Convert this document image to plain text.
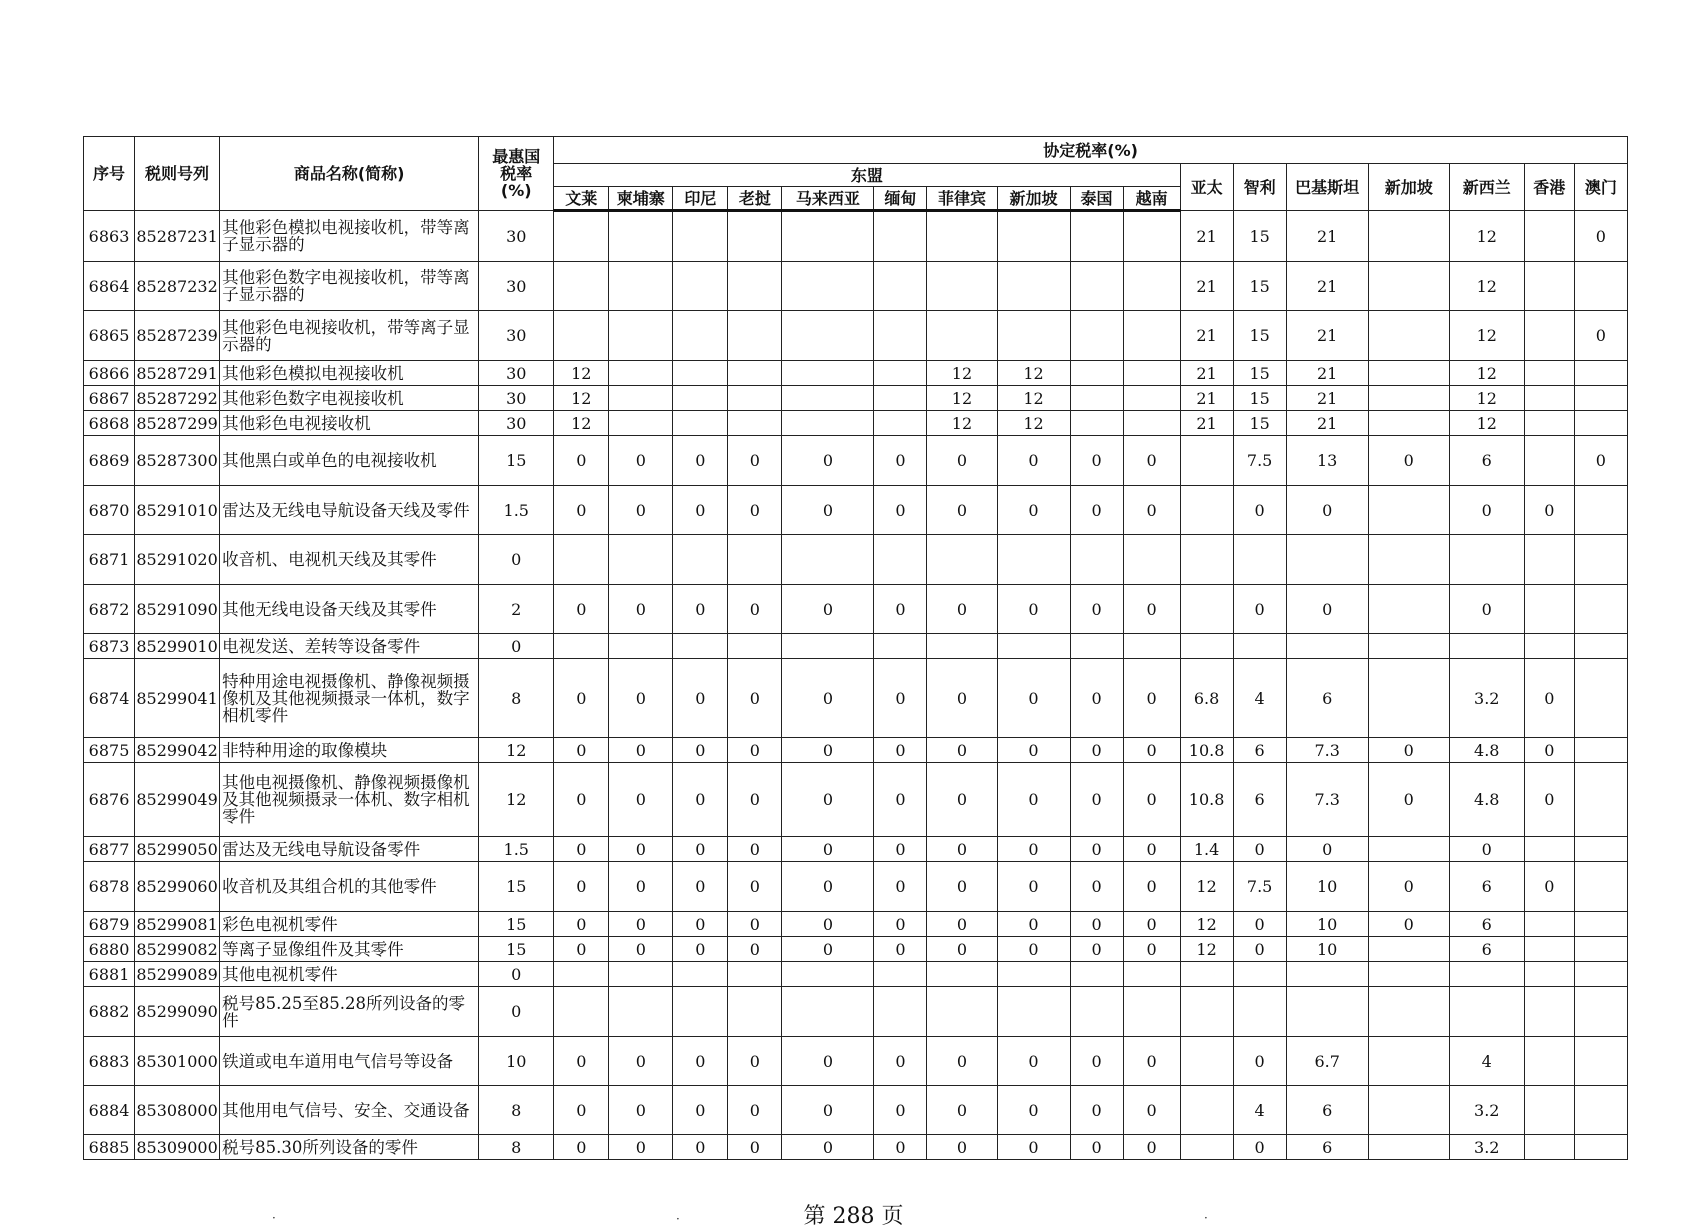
序号	税则号列	商品名称(简称)	最惠国
税率
(%)	协定税率(%)																
				东盟										亚太	智利	巴基斯坦	新加坡	新西兰	香港	澳门
				文莱	柬埔寨	印尼	老挝	马来西亚	缅甸	菲律宾	新加坡	泰国	越南							
6863	85287231	其他彩色模拟电视接收机，带等离子显示器的	30											21	15	21		12		0
6864	85287232	其他彩色数字电视接收机，带等离子显示器的	30											21	15	21		12		
6865	85287239	其他彩色电视接收机，带等离子显示器的	30											21	15	21		12		0
6866	85287291	其他彩色模拟电视接收机	30	12						12	12			21	15	21		12		
6867	85287292	其他彩色数字电视接收机	30	12						12	12			21	15	21		12		
6868	85287299	其他彩色电视接收机	30	12						12	12			21	15	21		12		
6869	85287300	其他黑白或单色的电视接收机	15	0	0	0	0	0	0	0	0	0	0		7.5	13	0	6		0
6870	85291010	雷达及无线电导航设备天线及零件	1.5	0	0	0	0	0	0	0	0	0	0		0	0		0	0	
6871	85291020	收音机、电视机天线及其零件	0																	
6872	85291090	其他无线电设备天线及其零件	2	0	0	0	0	0	0	0	0	0	0		0	0		0		
6873	85299010	电视发送、差转等设备零件	0																	
6874	85299041	特种用途电视摄像机、静像视频摄像机及其他视频摄录一体机，数字相机零件	8	0	0	0	0	0	0	0	0	0	0	6.8	4	6		3.2	0	
6875	85299042	非特种用途的取像模块	12	0	0	0	0	0	0	0	0	0	0	10.8	6	7.3	0	4.8	0	
6876	85299049	其他电视摄像机、静像视频摄像机及其他视频摄录一体机、数字相机零件	12	0	0	0	0	0	0	0	0	0	0	10.8	6	7.3	0	4.8	0	
6877	85299050	雷达及无线电导航设备零件	1.5	0	0	0	0	0	0	0	0	0	0	1.4	0	0		0		
6878	85299060	收音机及其组合机的其他零件	15	0	0	0	0	0	0	0	0	0	0	12	7.5	10	0	6	0	
6879	85299081	彩色电视机零件	15	0	0	0	0	0	0	0	0	0	0	12	0	10	0	6		
6880	85299082	等离子显像组件及其零件	15	0	0	0	0	0	0	0	0	0	0	12	0	10		6		
6881	85299089	其他电视机零件	0																	
6882	85299090	税号85.25至85.28所列设备的零件	0																	
6883	85301000	铁道或电车道用电气信号等设备	10	0	0	0	0	0	0	0	0	0	0		0	6.7		4		
6884	85308000	其他用电气信号、安全、交通设备	8	0	0	0	0	0	0	0	0	0	0		4	6		3.2		
6885	85309000	税号85.30所列设备的零件	8	0	0	0	0	0	0	0	0	0	0		0	6		3.2		
·	·	·
第 288 页
